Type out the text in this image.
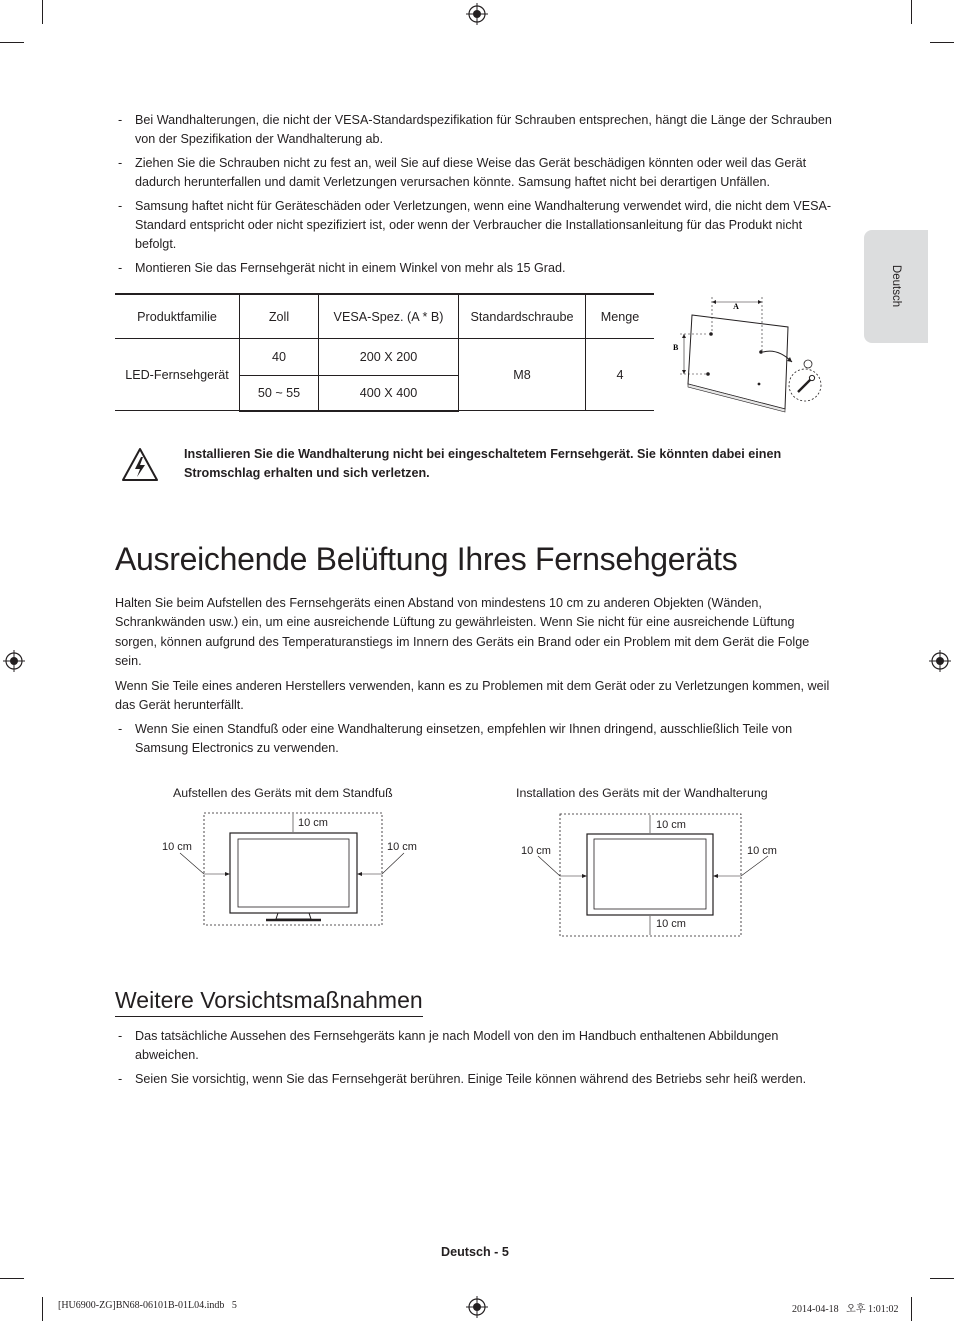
Deutsch
- Bei Wandhalterungen, die nicht der VESA-Standardspezifikation für Schrauben entsprechen, hängt die Länge der Schrauben von der Spezifikation der Wandhalterung ab.
- Ziehen Sie die Schrauben nicht zu fest an, weil Sie auf diese Weise das Gerät beschädigen könnten oder weil das Gerät dadurch herunterfallen und damit Verletzungen verursachen könnte. Samsung haftet nicht bei derartigen Unfällen.
- Samsung haftet nicht für Geräteschäden oder Verletzungen, wenn eine Wandhalterung verwendet wird, die nicht dem VESA-Standard entspricht oder nicht spezifiziert ist, oder wenn der Verbraucher die Installationsanleitung für das Produkt nicht befolgt.
- Montieren Sie das Fernsehgerät nicht in einem Winkel von mehr als 15 Grad.
Produktfamilie	Zoll	VESA-Spez. (A * B)	Standardschraube	Menge
LED-Fernsehgerät	40	200 X 200	M8	4
	50 ~ 55	400 X 400		
A
B

Installieren Sie die Wandhalterung nicht bei eingeschaltetem Fernsehgerät. Sie könnten dabei einen Stromschlag erhalten und sich verletzen.

Ausreichende Belüftung Ihres Fernsehgeräts

Halten Sie beim Aufstellen des Fernsehgeräts einen Abstand von mindestens 10 cm zu anderen Objekten (Wänden, Schrankwänden usw.) ein, um eine ausreichende Lüftung zu gewährleisten. Wenn Sie nicht für eine ausreichende Lüftung sorgen, können aufgrund des Temperaturanstiegs im Innern des Geräts ein Brand oder ein Problem mit dem Gerät die Folge sein.

Wenn Sie Teile eines anderen Herstellers verwenden, kann es zu Problemen mit dem Gerät oder zu Verletzungen kommen, weil das Gerät herunterfällt.

- Wenn Sie einen Standfuß oder eine Wandhalterung einsetzen, empfehlen wir Ihnen dringend, ausschließlich Teile von Samsung Electronics zu verwenden.
Aufstellen des Geräts mit dem Standfuß	Installation des Geräts mit der Wandhalterung
10 cm
10 cm	10 cm
10 cm
10 cm	10 cm
10 cm
Weitere Vorsichtsmaßnahmen
- Das tatsächliche Aussehen des Fernsehgeräts kann je nach Modell von den im Handbuch enthaltenen Abbildungen abweichen.
- Seien Sie vorsichtig, wenn Sie das Fernsehgerät berühren. Einige Teile können während des Betriebs sehr heiß werden.
Deutsch - 5
[HU6900-ZG]BN68-06101B-01L04.indb   5	2014-04-18   오후 1:01:02
